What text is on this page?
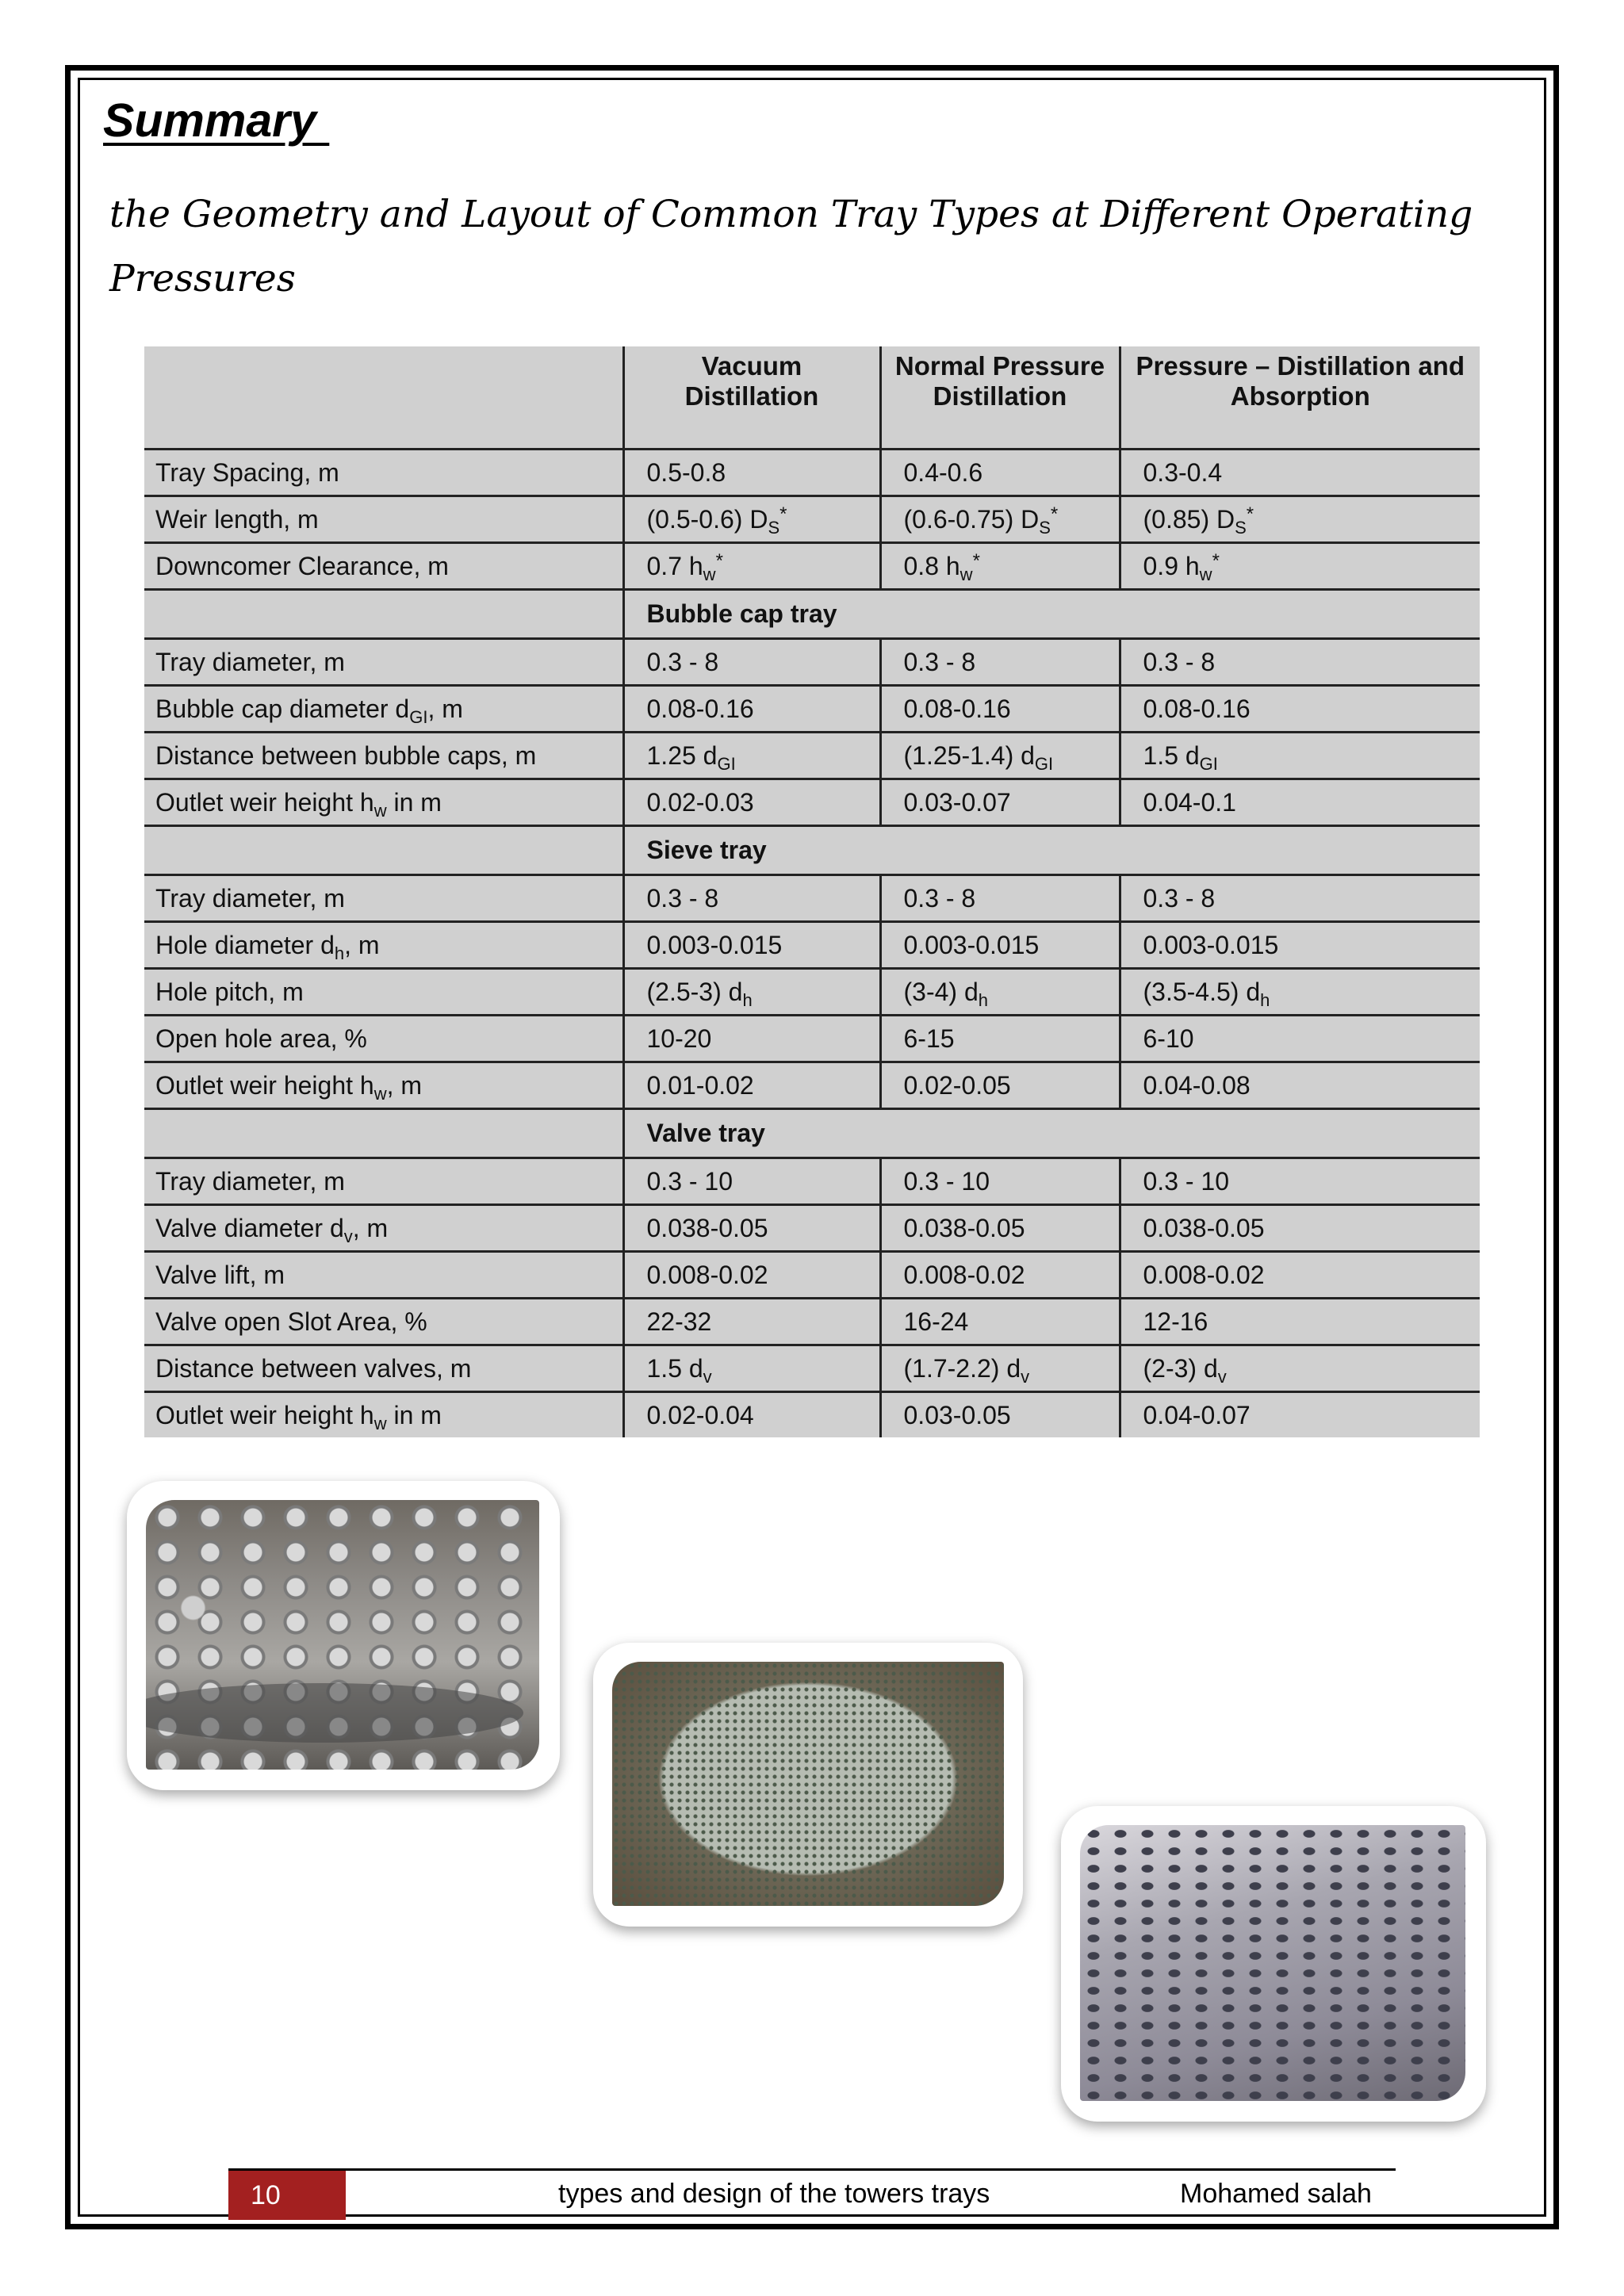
Summary
the Geometry and Layout of Common Tray Types at Different Operating Pressures
	Vacuum Distillation	Normal Pressure Distillation	Pressure – Distillation and Absorption
Tray Spacing, m	0.5-0.8	0.4-0.6	0.3-0.4
Weir length, m	(0.5-0.6) $D_S^*$	(0.6-0.75) $D_S^*$	(0.85) $D_S^*$
Downcomer Clearance, m	0.7 $h_w^*$	0.8 $h_w^*$	0.9 $h_w^*$
	Bubble cap tray		
Tray diameter, m	0.3 - 8	0.3 - 8	0.3 - 8
Bubble cap diameter $d_{GI}$, m	0.08-0.16	0.08-0.16	0.08-0.16
Distance between bubble caps, m	1.25 $d_{GI}$	(1.25-1.4) $d_{GI}$	1.5 $d_{GI}$
Outlet weir height $h_w$ in m	0.02-0.03	0.03-0.07	0.04-0.1
	Sieve tray		
Tray diameter, m	0.3 - 8	0.3 - 8	0.3 - 8
Hole diameter $d_h$, m	0.003-0.015	0.003-0.015	0.003-0.015
Hole pitch, m	(2.5-3) $d_h$	(3-4) $d_h$	(3.5-4.5) $d_h$
Open hole area, %	10-20	6-15	6-10
Outlet weir height $h_w$, m	0.01-0.02	0.02-0.05	0.04-0.08
	Valve tray		
Tray diameter, m	0.3 - 10	0.3 - 10	0.3 - 10
Valve diameter $d_v$, m	0.038-0.05	0.038-0.05	0.038-0.05
Valve lift, m	0.008-0.02	0.008-0.02	0.008-0.02
Valve open Slot Area, %	22-32	16-24	12-16
Distance between valves, m	1.5 $d_v$	(1.7-2.2) $d_v$	(2-3) $d_v$
Outlet weir height $h_w$ in m	0.02-0.04	0.03-0.05	0.04-0.07
10	types and design of the towers trays	Mohamed salah
